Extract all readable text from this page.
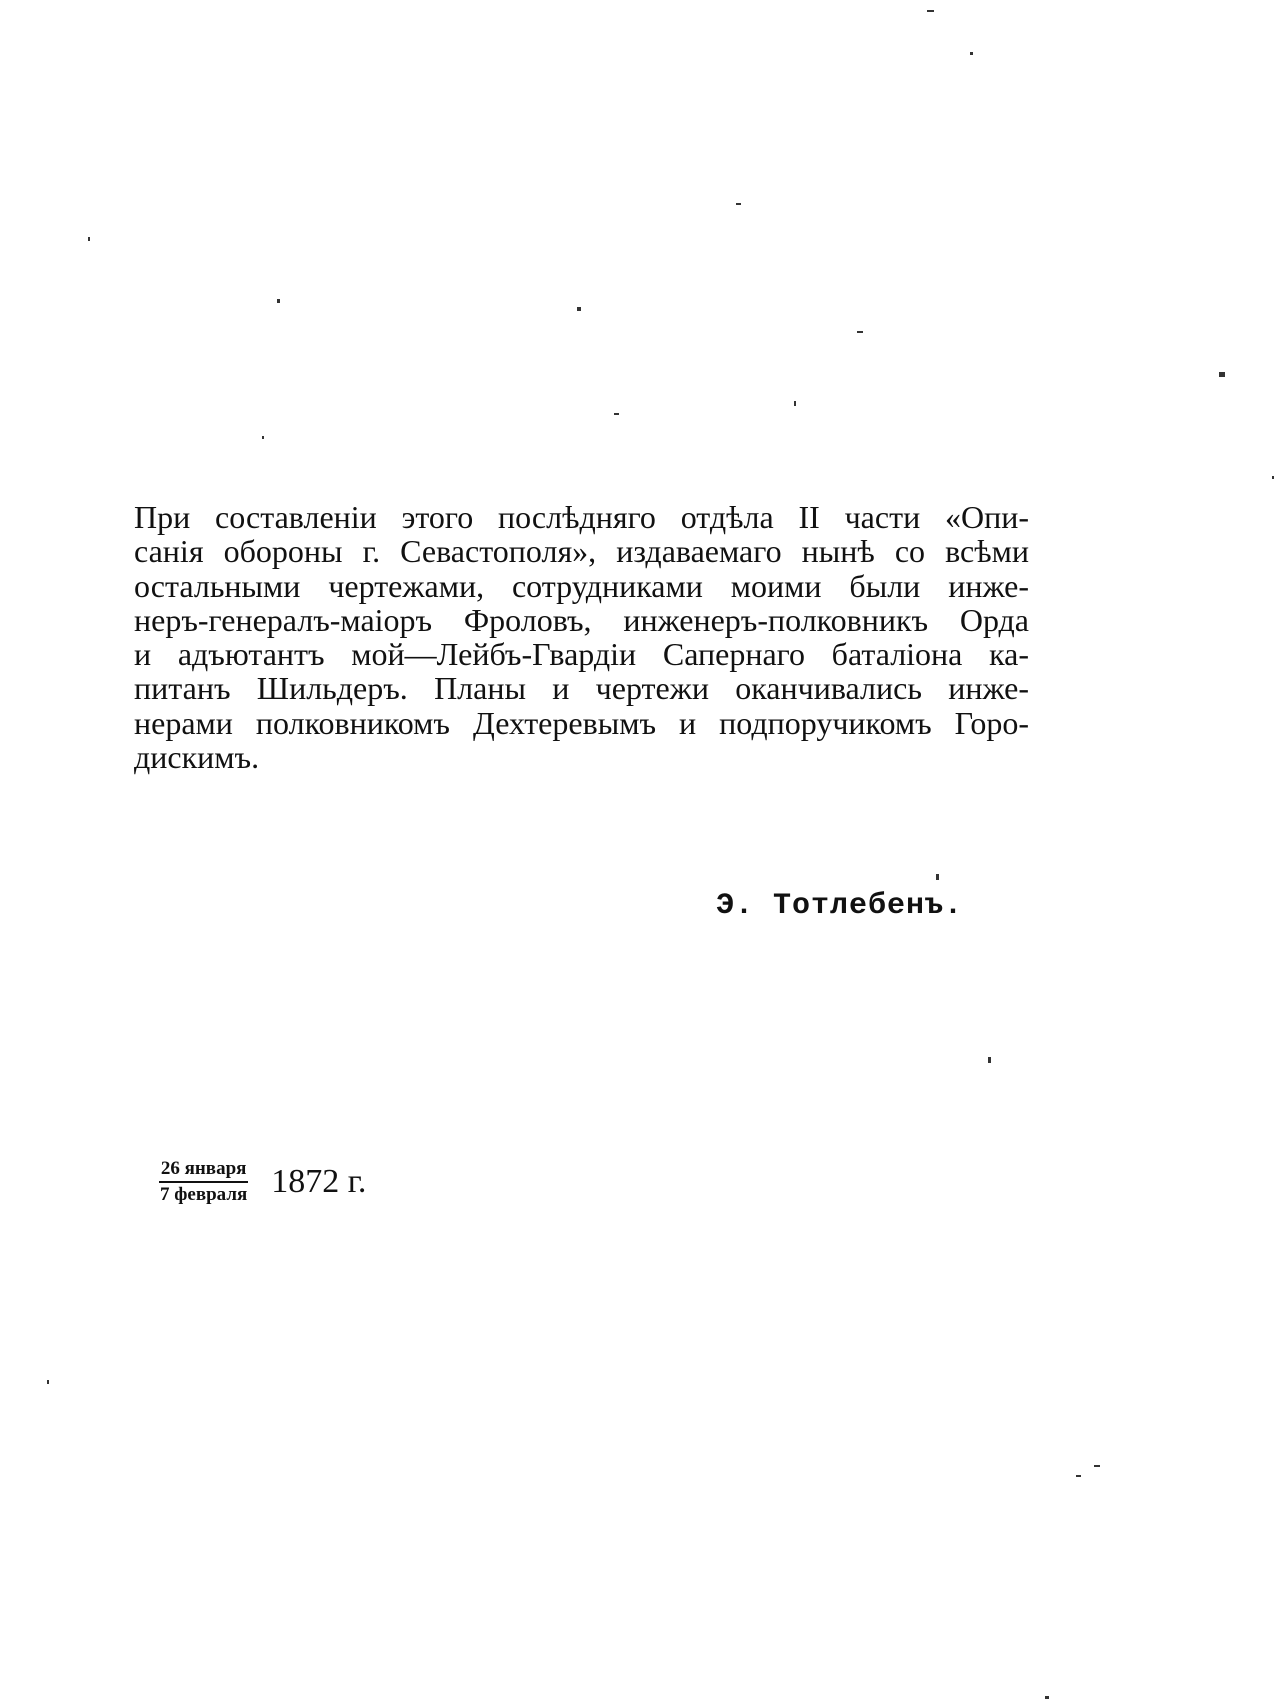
При составленіи этого послѣдняго отдѣла II части «Опи-
санія обороны г. Севастополя», издаваемаго нынѣ со всѣми
остальными чертежами, сотрудниками моими были инже-
неръ-генералъ-маіоръ Фроловъ, инженеръ-полковникъ Орда
и адъютантъ мой—Лейбъ-Гвардіи Сапернаго баталіона ка-
питанъ Шильдеръ. Планы и чертежи оканчивались инже-
нерами полковникомъ Дехтеревымъ и подпоручикомъ Горо-
дискимъ.
Э. Тотлебенъ.
$\frac{\text{26 января}}{\text{7 февраля}} 1872$ г.
